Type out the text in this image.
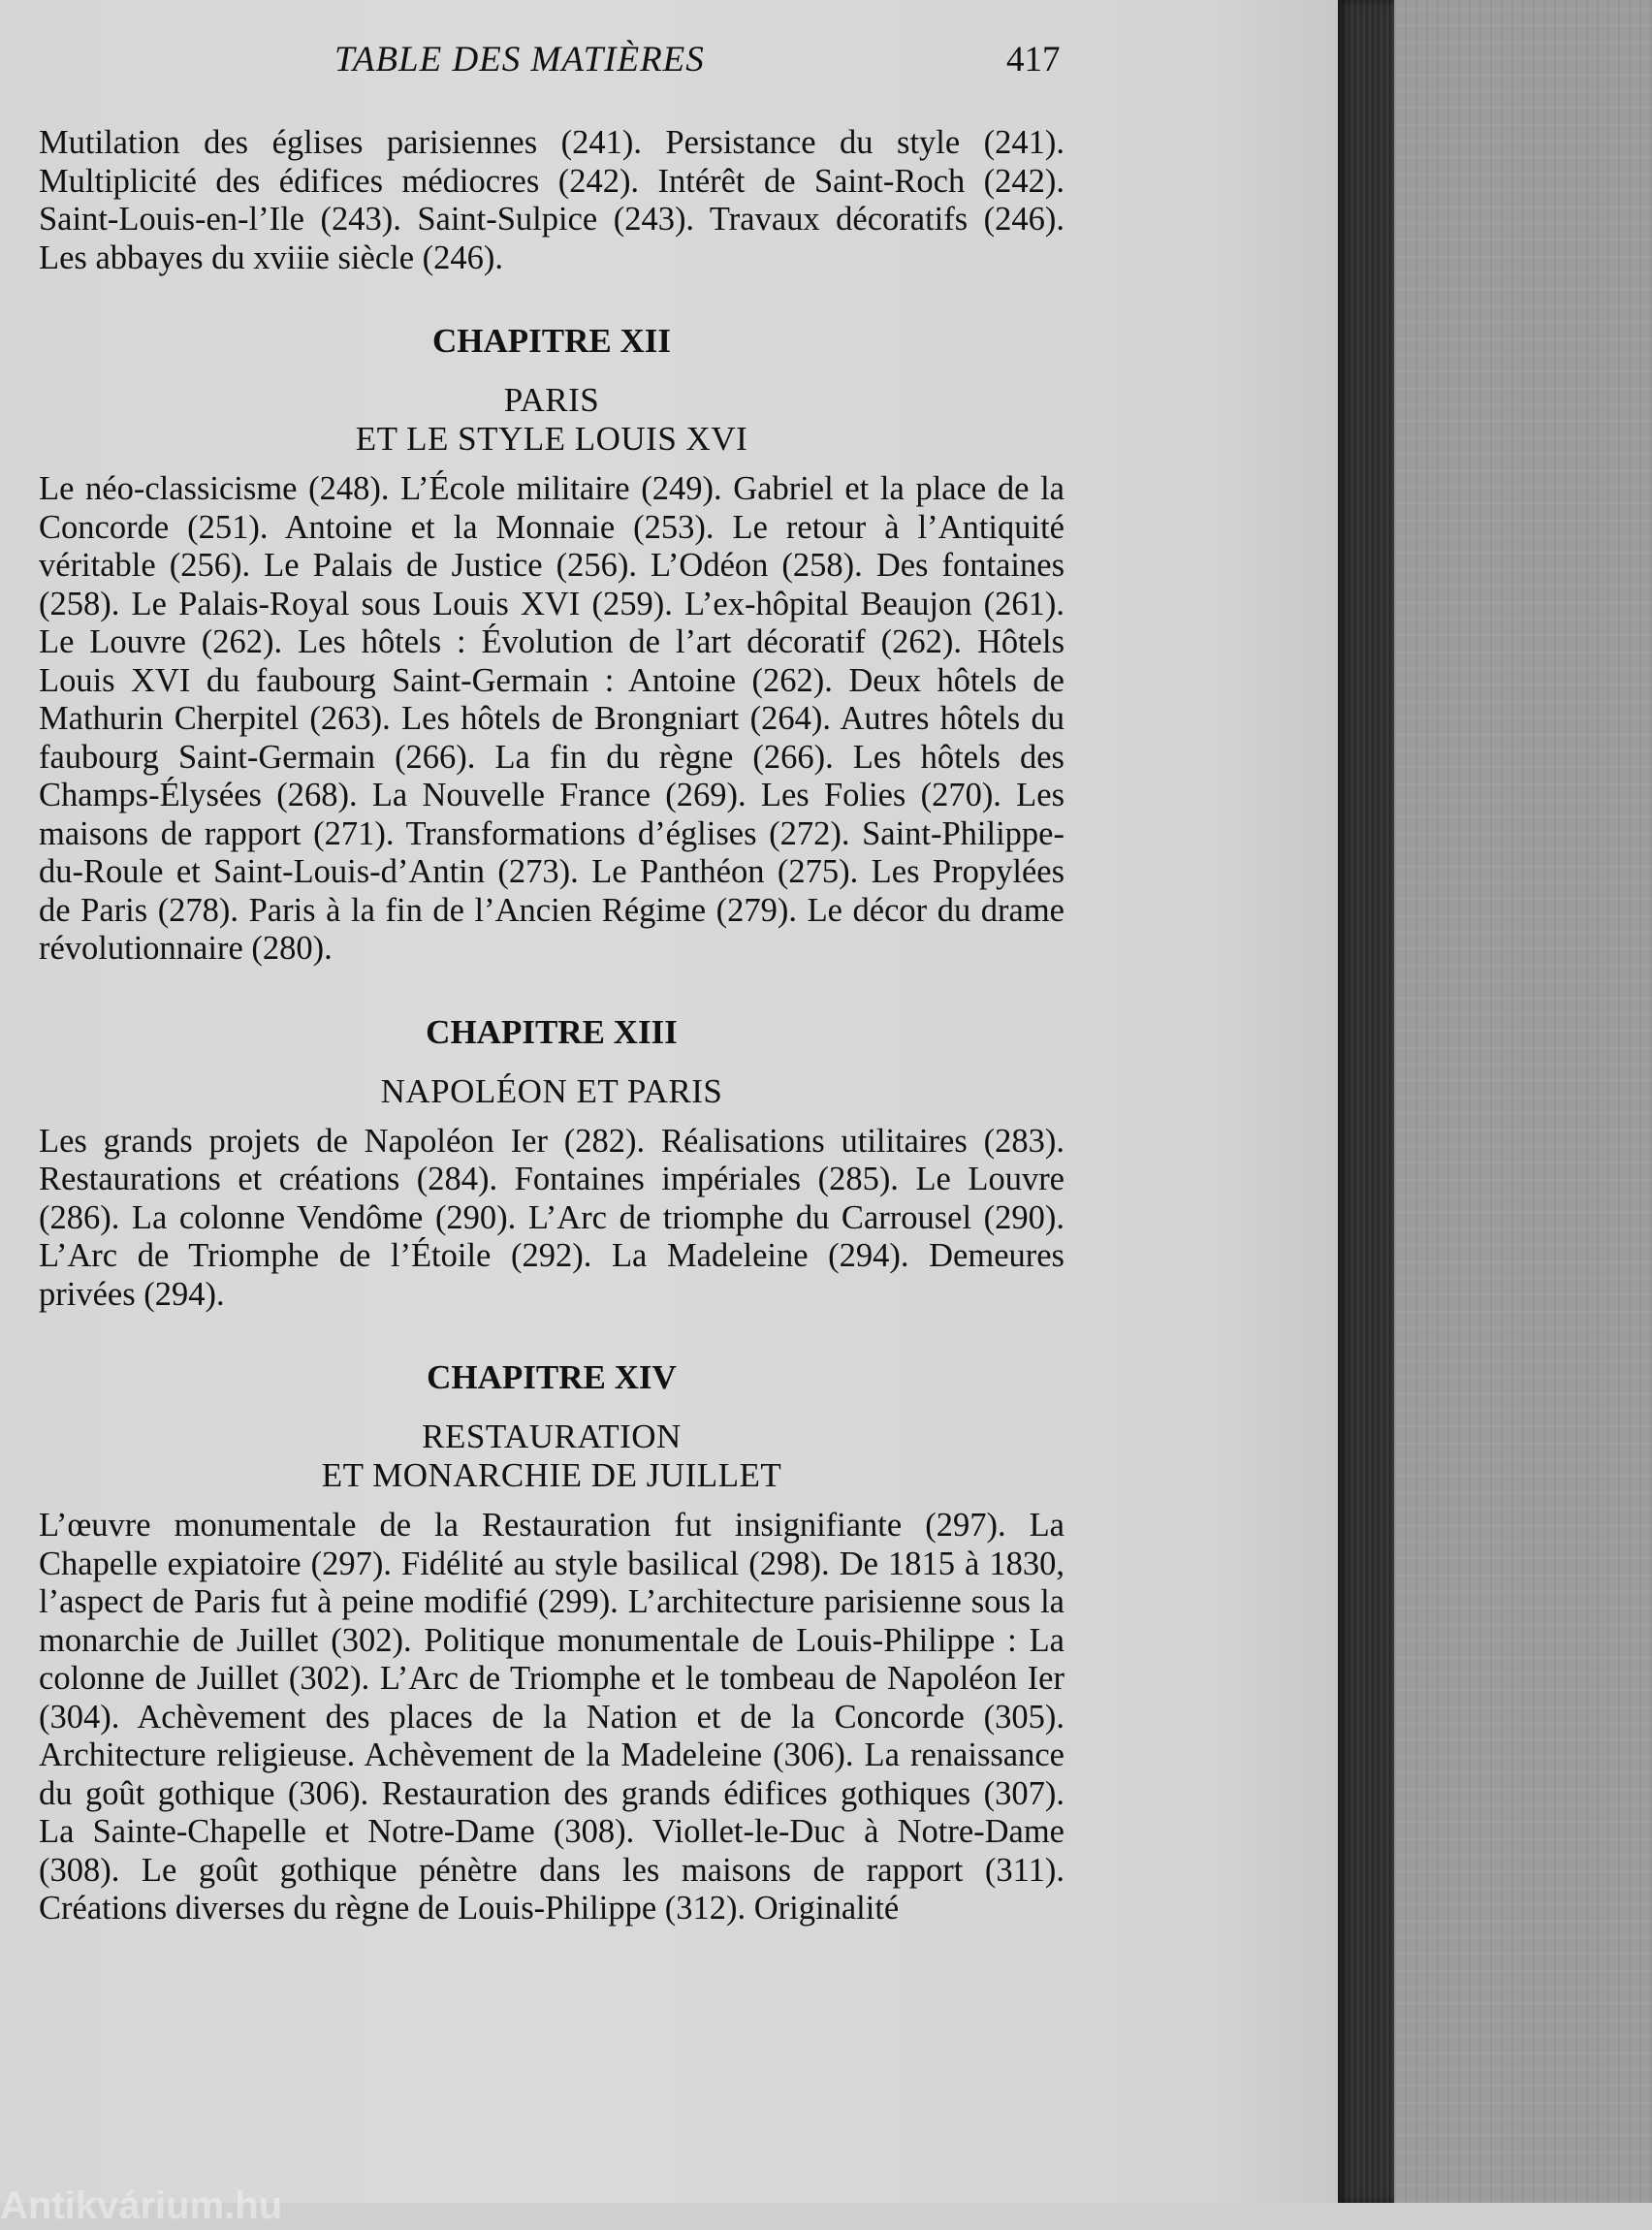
TABLE DES MATIÈRES	417

Mutilation des églises parisiennes (241). Persistance du style (241). Multiplicité des édifices médiocres (242). Intérêt de Saint-Roch (242). Saint-Louis-en-l’Ile (243). Saint-Sulpice (243). Travaux décoratifs (246). Les abbayes du xviiie siècle (246).

CHAPITRE XII

PARIS

ET LE STYLE LOUIS XVI

Le néo-classicisme (248). L’École militaire (249). Gabriel et la place de la Concorde (251). Antoine et la Monnaie (253). Le retour à l’Antiquité véritable (256). Le Palais de Justice (256). L’Odéon (258). Des fontaines (258). Le Palais-Royal sous Louis XVI (259). L’ex-hôpital Beaujon (261). Le Louvre (262). Les hôtels : Évolution de l’art décoratif (262). Hôtels Louis XVI du faubourg Saint-Germain : Antoine (262). Deux hôtels de Mathurin Cherpitel (263). Les hôtels de Brongniart (264). Autres hôtels du faubourg Saint-Germain (266). La fin du règne (266). Les hôtels des Champs-Élysées (268). La Nouvelle France (269). Les Folies (270). Les maisons de rapport (271). Transformations d’églises (272). Saint-Philippe-du-Roule et Saint-Louis-d’Antin (273). Le Panthéon (275). Les Propylées de Paris (278). Paris à la fin de l’Ancien Régime (279). Le décor du drame révolutionnaire (280).

CHAPITRE XIII

NAPOLÉON ET PARIS

Les grands projets de Napoléon Ier (282). Réalisations utilitaires (283). Restaurations et créations (284). Fontaines impériales (285). Le Louvre (286). La colonne Vendôme (290). L’Arc de triomphe du Carrousel (290). L’Arc de Triomphe de l’Étoile (292). La Madeleine (294). Demeures privées (294).

CHAPITRE XIV

RESTAURATION

ET MONARCHIE DE JUILLET

L’œuvre monumentale de la Restauration fut insignifiante (297). La Chapelle expiatoire (297). Fidélité au style basilical (298). De 1815 à 1830, l’aspect de Paris fut à peine modifié (299). L’architecture parisienne sous la monarchie de Juillet (302). Politique monumentale de Louis-Philippe : La colonne de Juillet (302). L’Arc de Triomphe et le tombeau de Napoléon Ier (304). Achèvement des places de la Nation et de la Concorde (305). Architecture religieuse. Achèvement de la Madeleine (306). La renaissance du goût gothique (306). Restauration des grands édifices gothiques (307). La Sainte-Chapelle et Notre-Dame (308). Viollet-le-Duc à Notre-Dame (308). Le goût gothique pénètre dans les maisons de rapport (311). Créations diverses du règne de Louis-Philippe (312). Originalité

Antikvárium.hu
